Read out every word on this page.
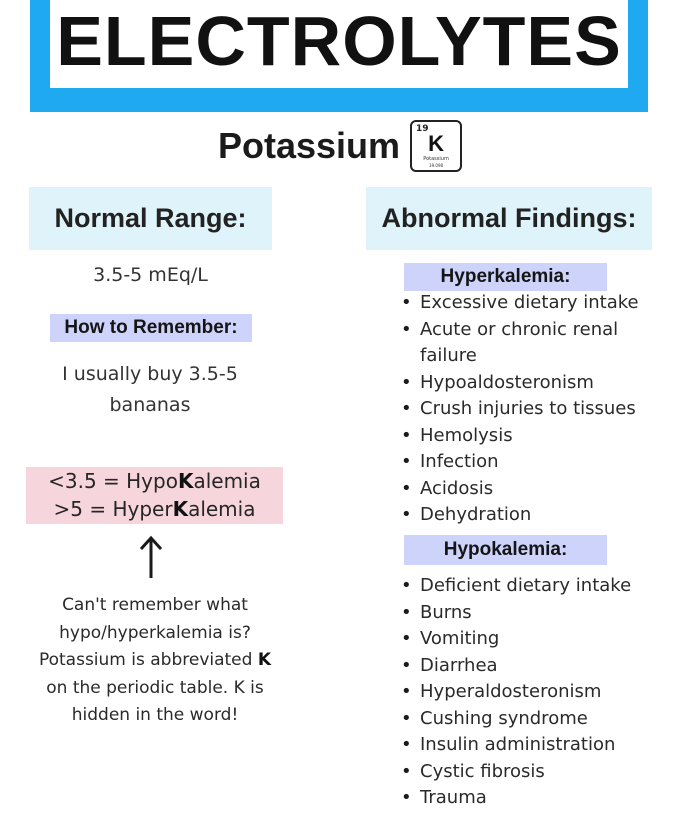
ELECTROLYTES
Potassium 19
K
Potassium
39.098
Normal Range:
3.5-5 mEq/L
How to Remember:
I usually buy 3.5-5
bananas
<3.5 = HypoKalemia
>5 = HyperKalemia
Can't remember what
hypo/hyperkalemia is?
Potassium is abbreviated K
on the periodic table. K is
hidden in the word!
Abnormal Findings:
Hyperkalemia:
• Excessive dietary intake
• Acute or chronic renal failure
• Hypoaldosteronism
• Crush injuries to tissues
• Hemolysis
• Infection
• Acidosis
• Dehydration
Hypokalemia:
• Deficient dietary intake
• Burns
• Vomiting
• Diarrhea
• Hyperaldosteronism
• Cushing syndrome
• Insulin administration
• Cystic fibrosis
• Trauma
